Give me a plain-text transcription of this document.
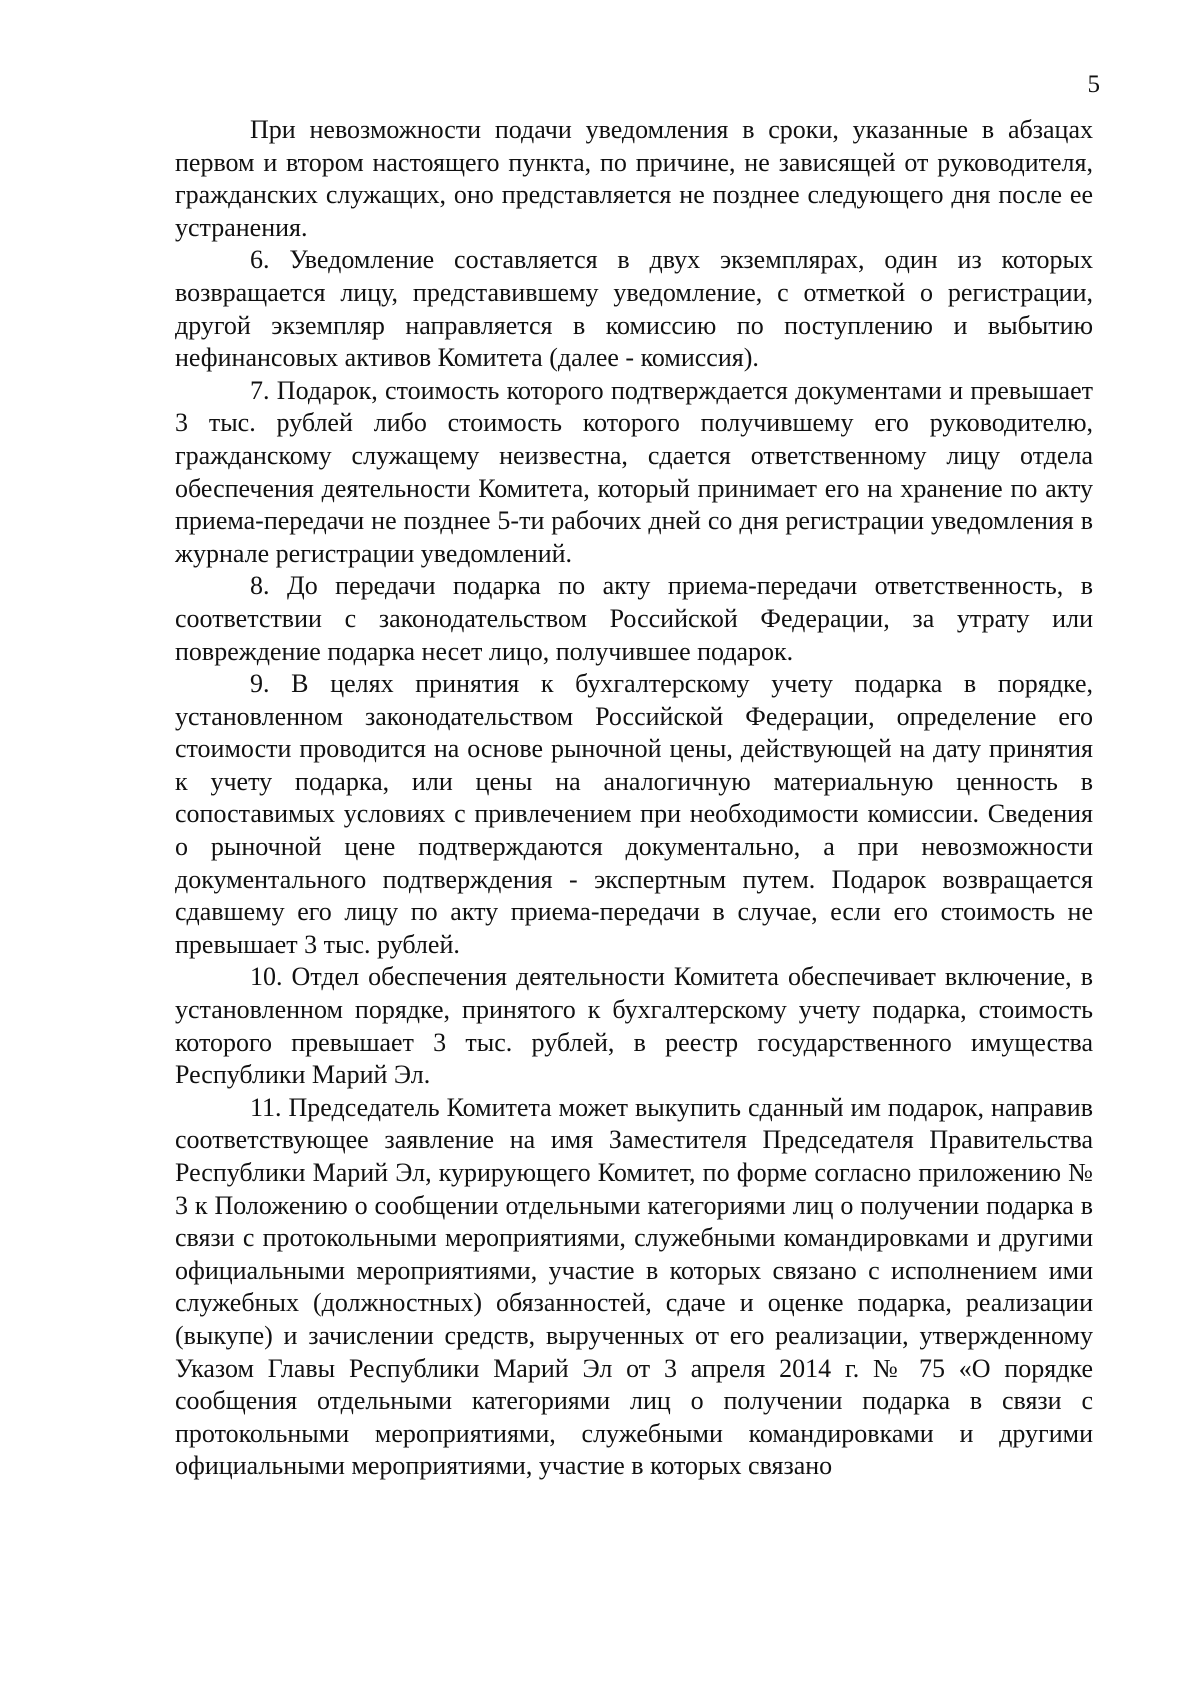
5

При невозможности подачи уведомления в сроки, указанные в абзацах первом и втором настоящего пункта, по причине, не зависящей от руководителя, гражданских служащих, оно представляется не позднее следующего дня после ее устранения.

6. Уведомление составляется в двух экземплярах, один из которых возвращается лицу, представившему уведомление, с отметкой о регистрации, другой экземпляр направляется в комиссию по поступлению и выбытию нефинансовых активов Комитета (далее - комиссия).

7. Подарок, стоимость которого подтверждается документами и превышает 3 тыс. рублей либо стоимость которого получившему его руководителю, гражданскому служащему неизвестна, сдается ответственному лицу отдела обеспечения деятельности Комитета, который принимает его на хранение по акту приема-передачи не позднее 5-ти рабочих дней со дня регистрации уведомления в журнале регистрации уведомлений.

8. До передачи подарка по акту приема-передачи ответственность, в соответствии с законодательством Российской Федерации, за утрату или повреждение подарка несет лицо, получившее подарок.

9. В целях принятия к бухгалтерскому учету подарка в порядке, установленном законодательством Российской Федерации, определение его стоимости проводится на основе рыночной цены, действующей на дату принятия к учету подарка, или цены на аналогичную материальную ценность в сопоставимых условиях с привлечением при необходимости комиссии. Сведения о рыночной цене подтверждаются документально, а при невозможности документального подтверждения - экспертным путем. Подарок возвращается сдавшему его лицу по акту приема-передачи в случае, если его стоимость не превышает 3 тыс. рублей.

10. Отдел обеспечения деятельности Комитета обеспечивает включение, в установленном порядке, принятого к бухгалтерскому учету подарка, стоимость которого превышает 3 тыс. рублей, в реестр государственного имущества Республики Марий Эл.

11. Председатель Комитета может выкупить сданный им подарок, направив соответствующее заявление на имя Заместителя Председателя Правительства Республики Марий Эл, курирующего Комитет, по форме согласно приложению № 3 к Положению о сообщении отдельными категориями лиц о получении подарка в связи с протокольными мероприятиями, служебными командировками и другими официальными мероприятиями, участие в которых связано с исполнением ими служебных (должностных) обязанностей, сдаче и оценке подарка, реализации (выкупе) и зачислении средств, вырученных от его реализации, утвержденному Указом Главы Республики Марий Эл от 3 апреля 2014 г. № 75 «О порядке сообщения отдельными категориями лиц о получении подарка в связи с протокольными мероприятиями, служебными командировками и другими официальными мероприятиями, участие в которых связано
